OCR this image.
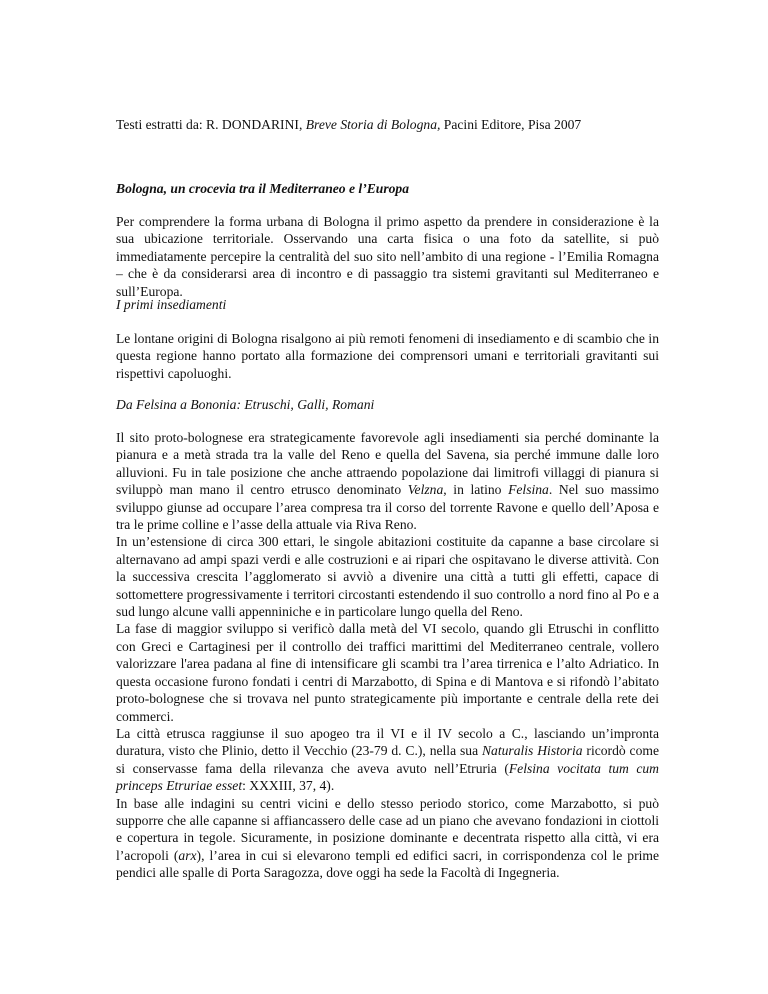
Testi estratti da: R. DONDARINI, Breve Storia di Bologna, Pacini Editore, Pisa 2007

Bologna, un crocevia tra il Mediterraneo e l’Europa

Per comprendere la forma urbana di Bologna il primo aspetto da prendere in considerazione è la sua ubicazione territoriale. Osservando una carta fisica o una foto da satellite, si può immediatamente percepire la centralità del suo sito nell’ambito di una regione - l’Emilia Romagna – che è da considerarsi area di incontro e di passaggio tra sistemi gravitanti sul Mediterraneo e sull’Europa.

I primi insediamenti

Le lontane origini di Bologna risalgono ai più remoti fenomeni di insediamento e di scambio che in questa regione hanno portato alla formazione dei comprensori umani e territoriali gravitanti sui rispettivi capoluoghi.

Da Felsina a Bononia: Etruschi, Galli, Romani

Il sito proto-bolognese era strategicamente favorevole agli insediamenti sia perché dominante la pianura e a metà strada tra la valle del Reno e quella del Savena, sia perché immune dalle loro alluvioni. Fu in tale posizione che anche attraendo popolazione dai limitrofi villaggi di pianura si sviluppò man mano il centro etrusco denominato Velzna, in latino Felsina. Nel suo massimo sviluppo giunse ad occupare l’area compresa tra il corso del torrente Ravone e quello dell’Aposa e tra le prime colline e l’asse della attuale via Riva Reno.

In un’estensione di circa 300 ettari, le singole abitazioni costituite da capanne a base circolare si alternavano ad ampi spazi verdi e alle costruzioni e ai ripari che ospitavano le diverse attività. Con la successiva crescita l’agglomerato si avviò a divenire una città a tutti gli effetti, capace di sottomettere progressivamente i territori circostanti estendendo il suo controllo a nord fino al Po e a sud lungo alcune valli appenniniche e in particolare lungo quella del Reno.

La fase di maggior sviluppo si verificò dalla metà del VI secolo, quando gli Etruschi in conflitto con Greci e Cartaginesi per il controllo dei traffici marittimi del Mediterraneo centrale, vollero valorizzare l'area padana al fine di intensificare gli scambi tra l’area tirrenica e l’alto Adriatico. In questa occasione furono fondati i centri di Marzabotto, di Spina e di Mantova e si rifondò l’abitato proto-bolognese che si trovava nel punto strategicamente più importante e centrale della rete dei commerci.

La città etrusca raggiunse il suo apogeo tra il VI e il IV secolo a C., lasciando un’impronta duratura, visto che Plinio, detto il Vecchio (23-79 d. C.), nella sua Naturalis Historia ricordò come si conservasse fama della rilevanza che aveva avuto nell’Etruria (Felsina vocitata tum cum princeps Etruriae esset: XXXIII, 37, 4).

In base alle indagini su centri vicini e dello stesso periodo storico, come Marzabotto, si può supporre che alle capanne si affiancassero delle case ad un piano che avevano fondazioni in ciottoli e copertura in tegole. Sicuramente, in posizione dominante e decentrata rispetto alla città, vi era l’acropoli (arx), l’area in cui si elevarono templi ed edifici sacri, in corrispondenza col le prime pendici alle spalle di Porta Saragozza, dove oggi ha sede la Facoltà di Ingegneria.
